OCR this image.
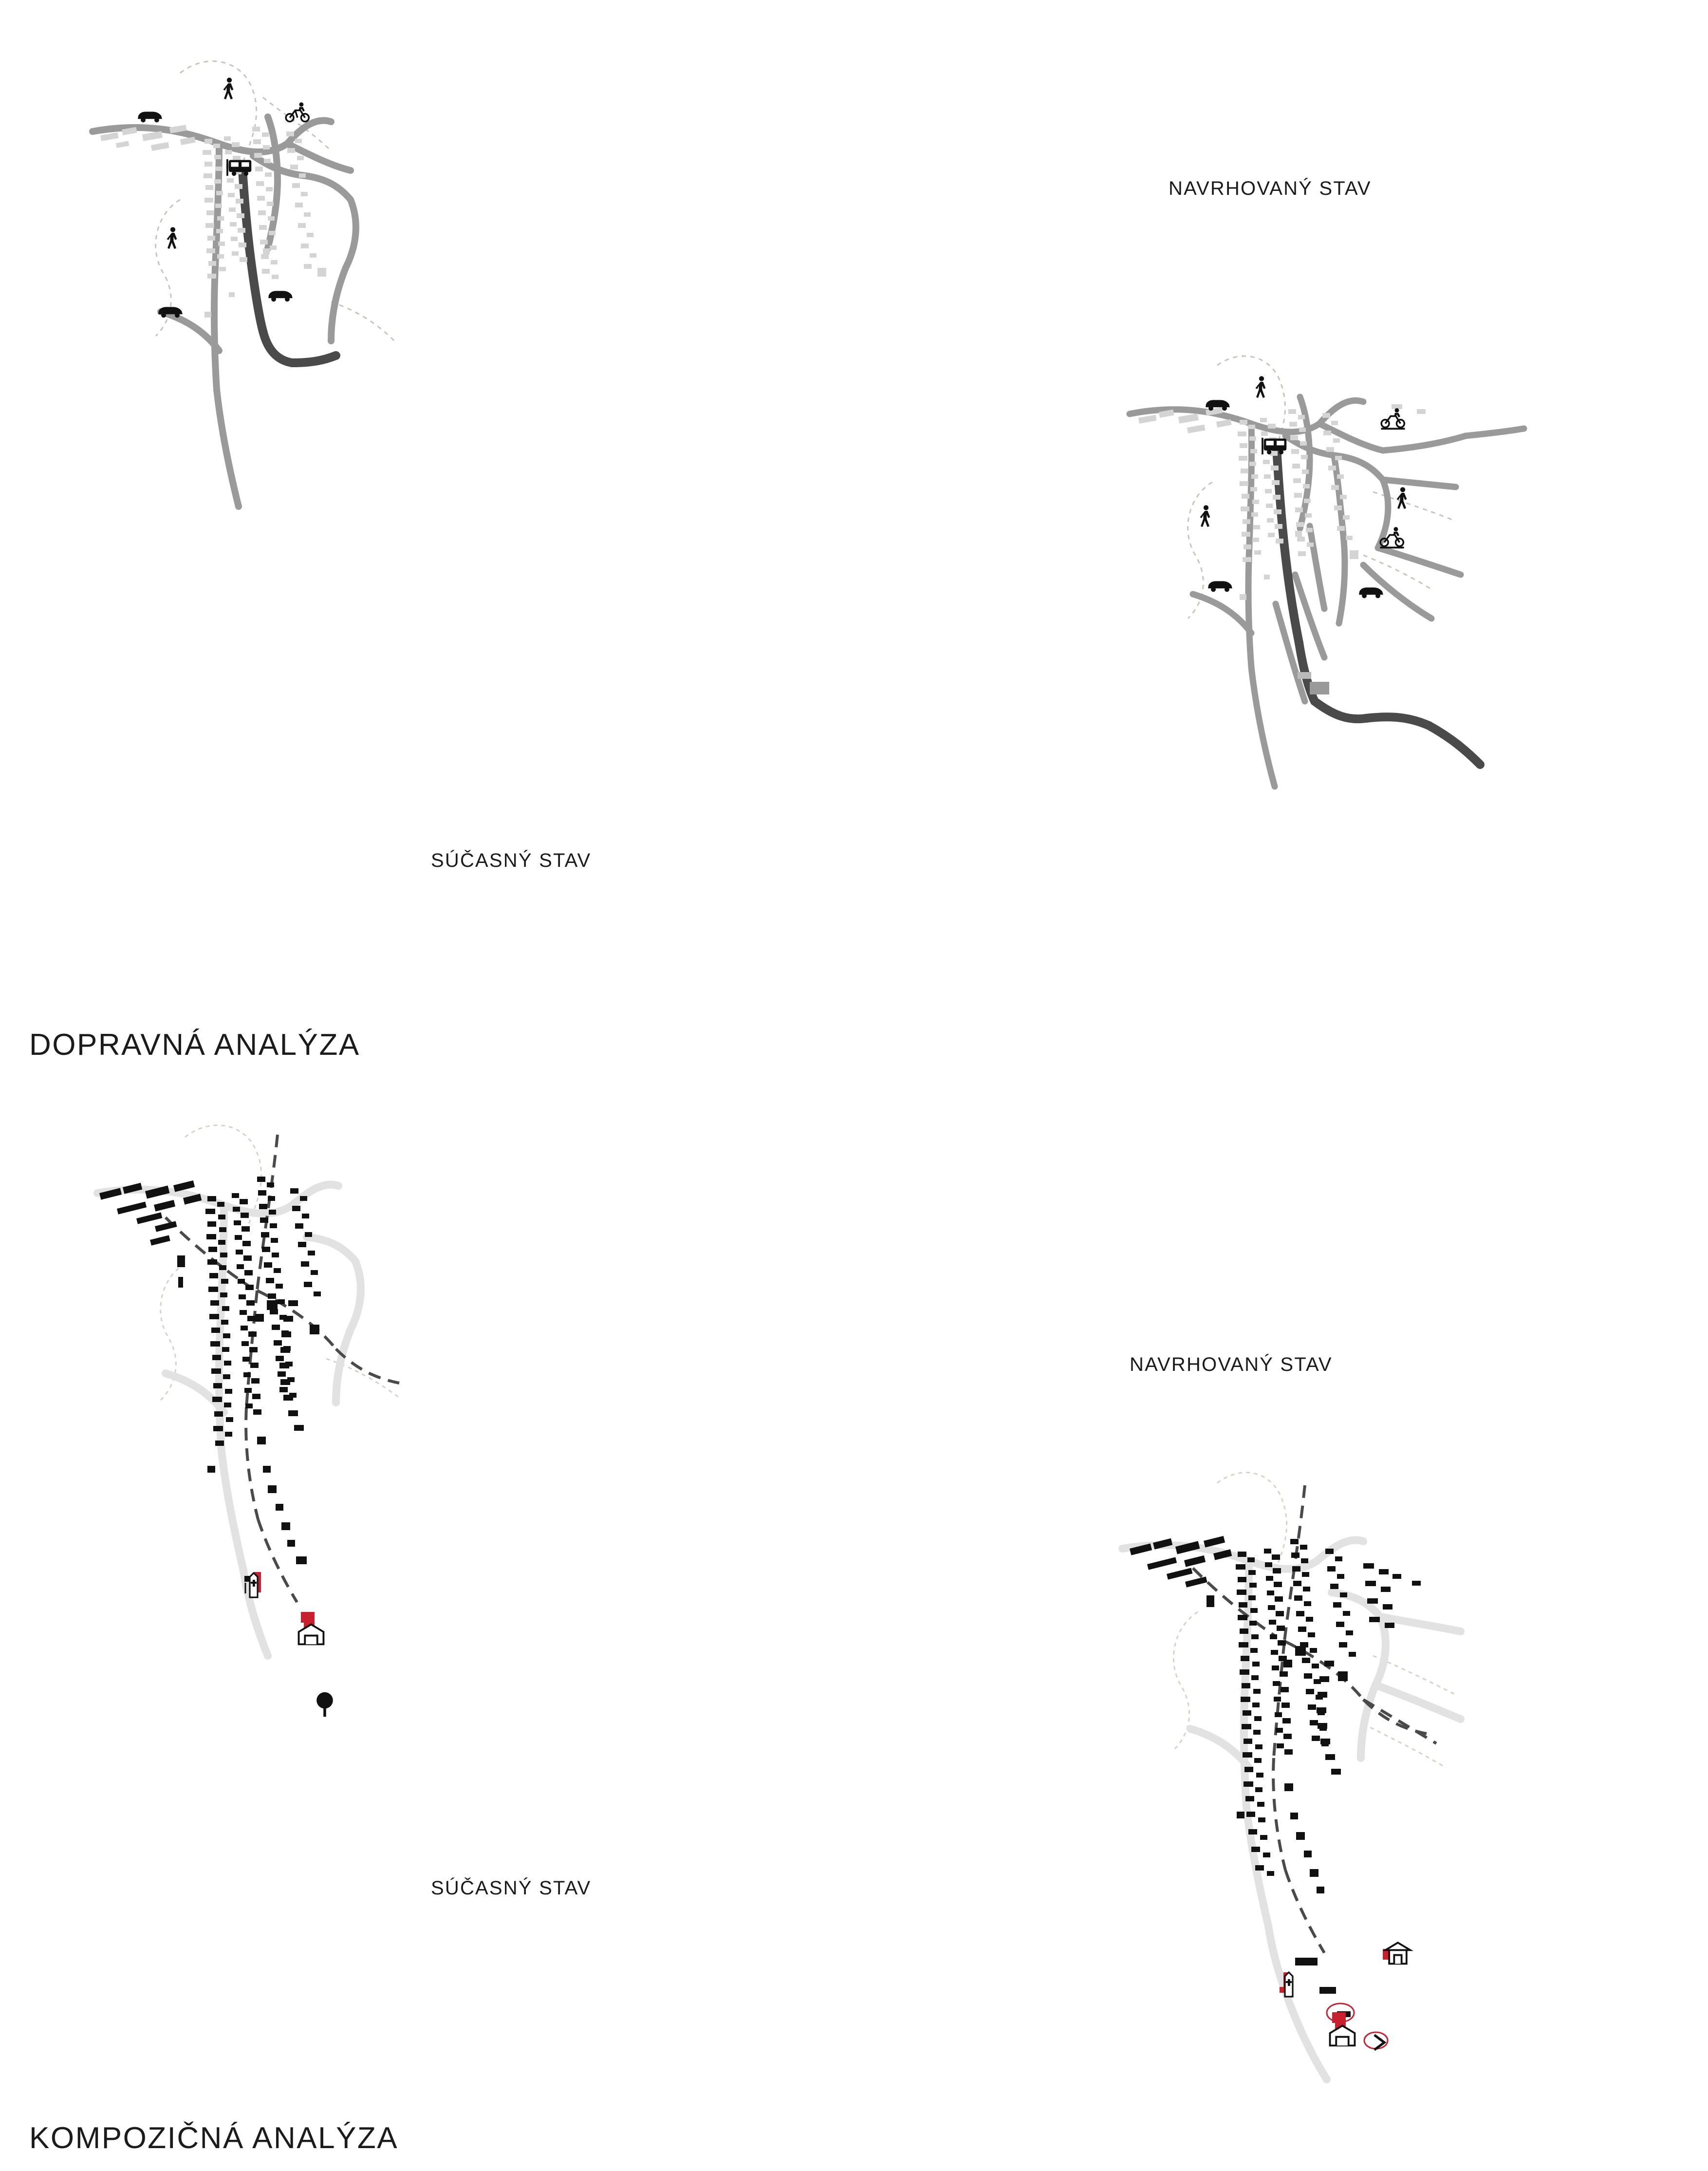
DOPRAVNÁ ANALÝZA
KOMPOZIČNÁ ANALÝZA
SÚČASNÝ STAV
NAVRHOVANÝ STAV
SÚČASNÝ STAV
NAVRHOVANÝ STAV
